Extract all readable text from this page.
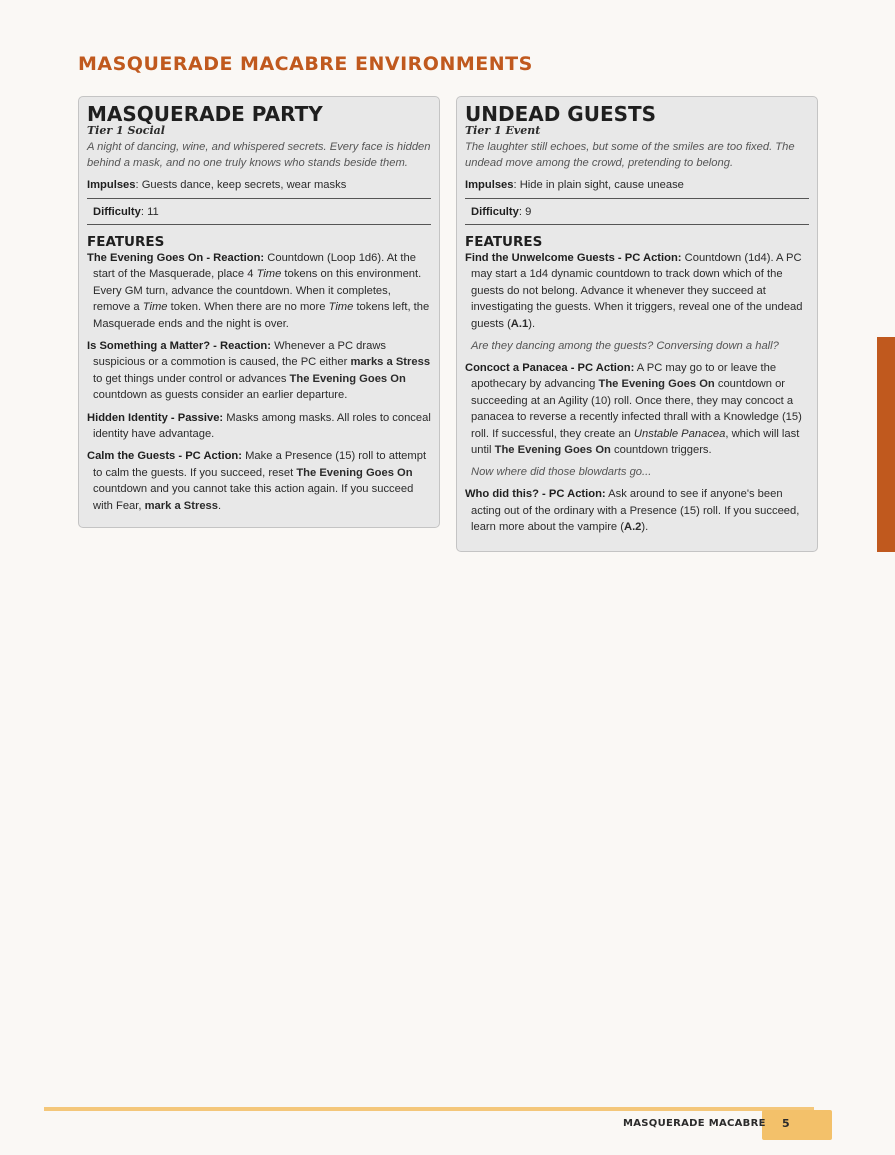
MASQUERADE MACABRE ENVIRONMENTS
MASQUERADE PARTY
Tier 1 Social
A night of dancing, wine, and whispered secrets. Every face is hidden behind a mask, and no one truly knows who stands beside them.
Impulses: Guests dance, keep secrets, wear masks
Difficulty: 11
FEATURES
The Evening Goes On - Reaction: Countdown (Loop 1d6). At the start of the Masquerade, place 4 Time tokens on this environment. Every GM turn, advance the countdown. When it completes, remove a Time token. When there are no more Time tokens left, the Masquerade ends and the night is over.
Is Something a Matter? - Reaction: Whenever a PC draws suspicious or a commotion is caused, the PC either marks a Stress to get things under control or advances The Evening Goes On countdown as guests consider an earlier departure.
Hidden Identity - Passive: Masks among masks. All roles to conceal identity have advantage.
Calm the Guests - PC Action: Make a Presence (15) roll to attempt to calm the guests. If you succeed, reset The Evening Goes On countdown and you cannot take this action again. If you succeed with Fear, mark a Stress.
UNDEAD GUESTS
Tier 1 Event
The laughter still echoes, but some of the smiles are too fixed. The undead move among the crowd, pretending to belong.
Impulses: Hide in plain sight, cause unease
Difficulty: 9
FEATURES
Find the Unwelcome Guests - PC Action: Countdown (1d4). A PC may start a 1d4 dynamic countdown to track down which of the guests do not belong. Advance it whenever they succeed at investigating the guests. When it triggers, reveal one of the undead guests (A.1).
Are they dancing among the guests? Conversing down a hall?
Concoct a Panacea - PC Action: A PC may go to or leave the apothecary by advancing The Evening Goes On countdown or succeeding at an Agility (10) roll. Once there, they may concoct a panacea to reverse a recently infected thrall with a Knowledge (15) roll. If successful, they create an Unstable Panacea, which will last until The Evening Goes On countdown triggers.
Now where did those blowdarts go...
Who did this? - PC Action: Ask around to see if anyone's been acting out of the ordinary with a Presence (15) roll. If you succeed, learn more about the vampire (A.2).
MASQUERADE MACABRE 5
